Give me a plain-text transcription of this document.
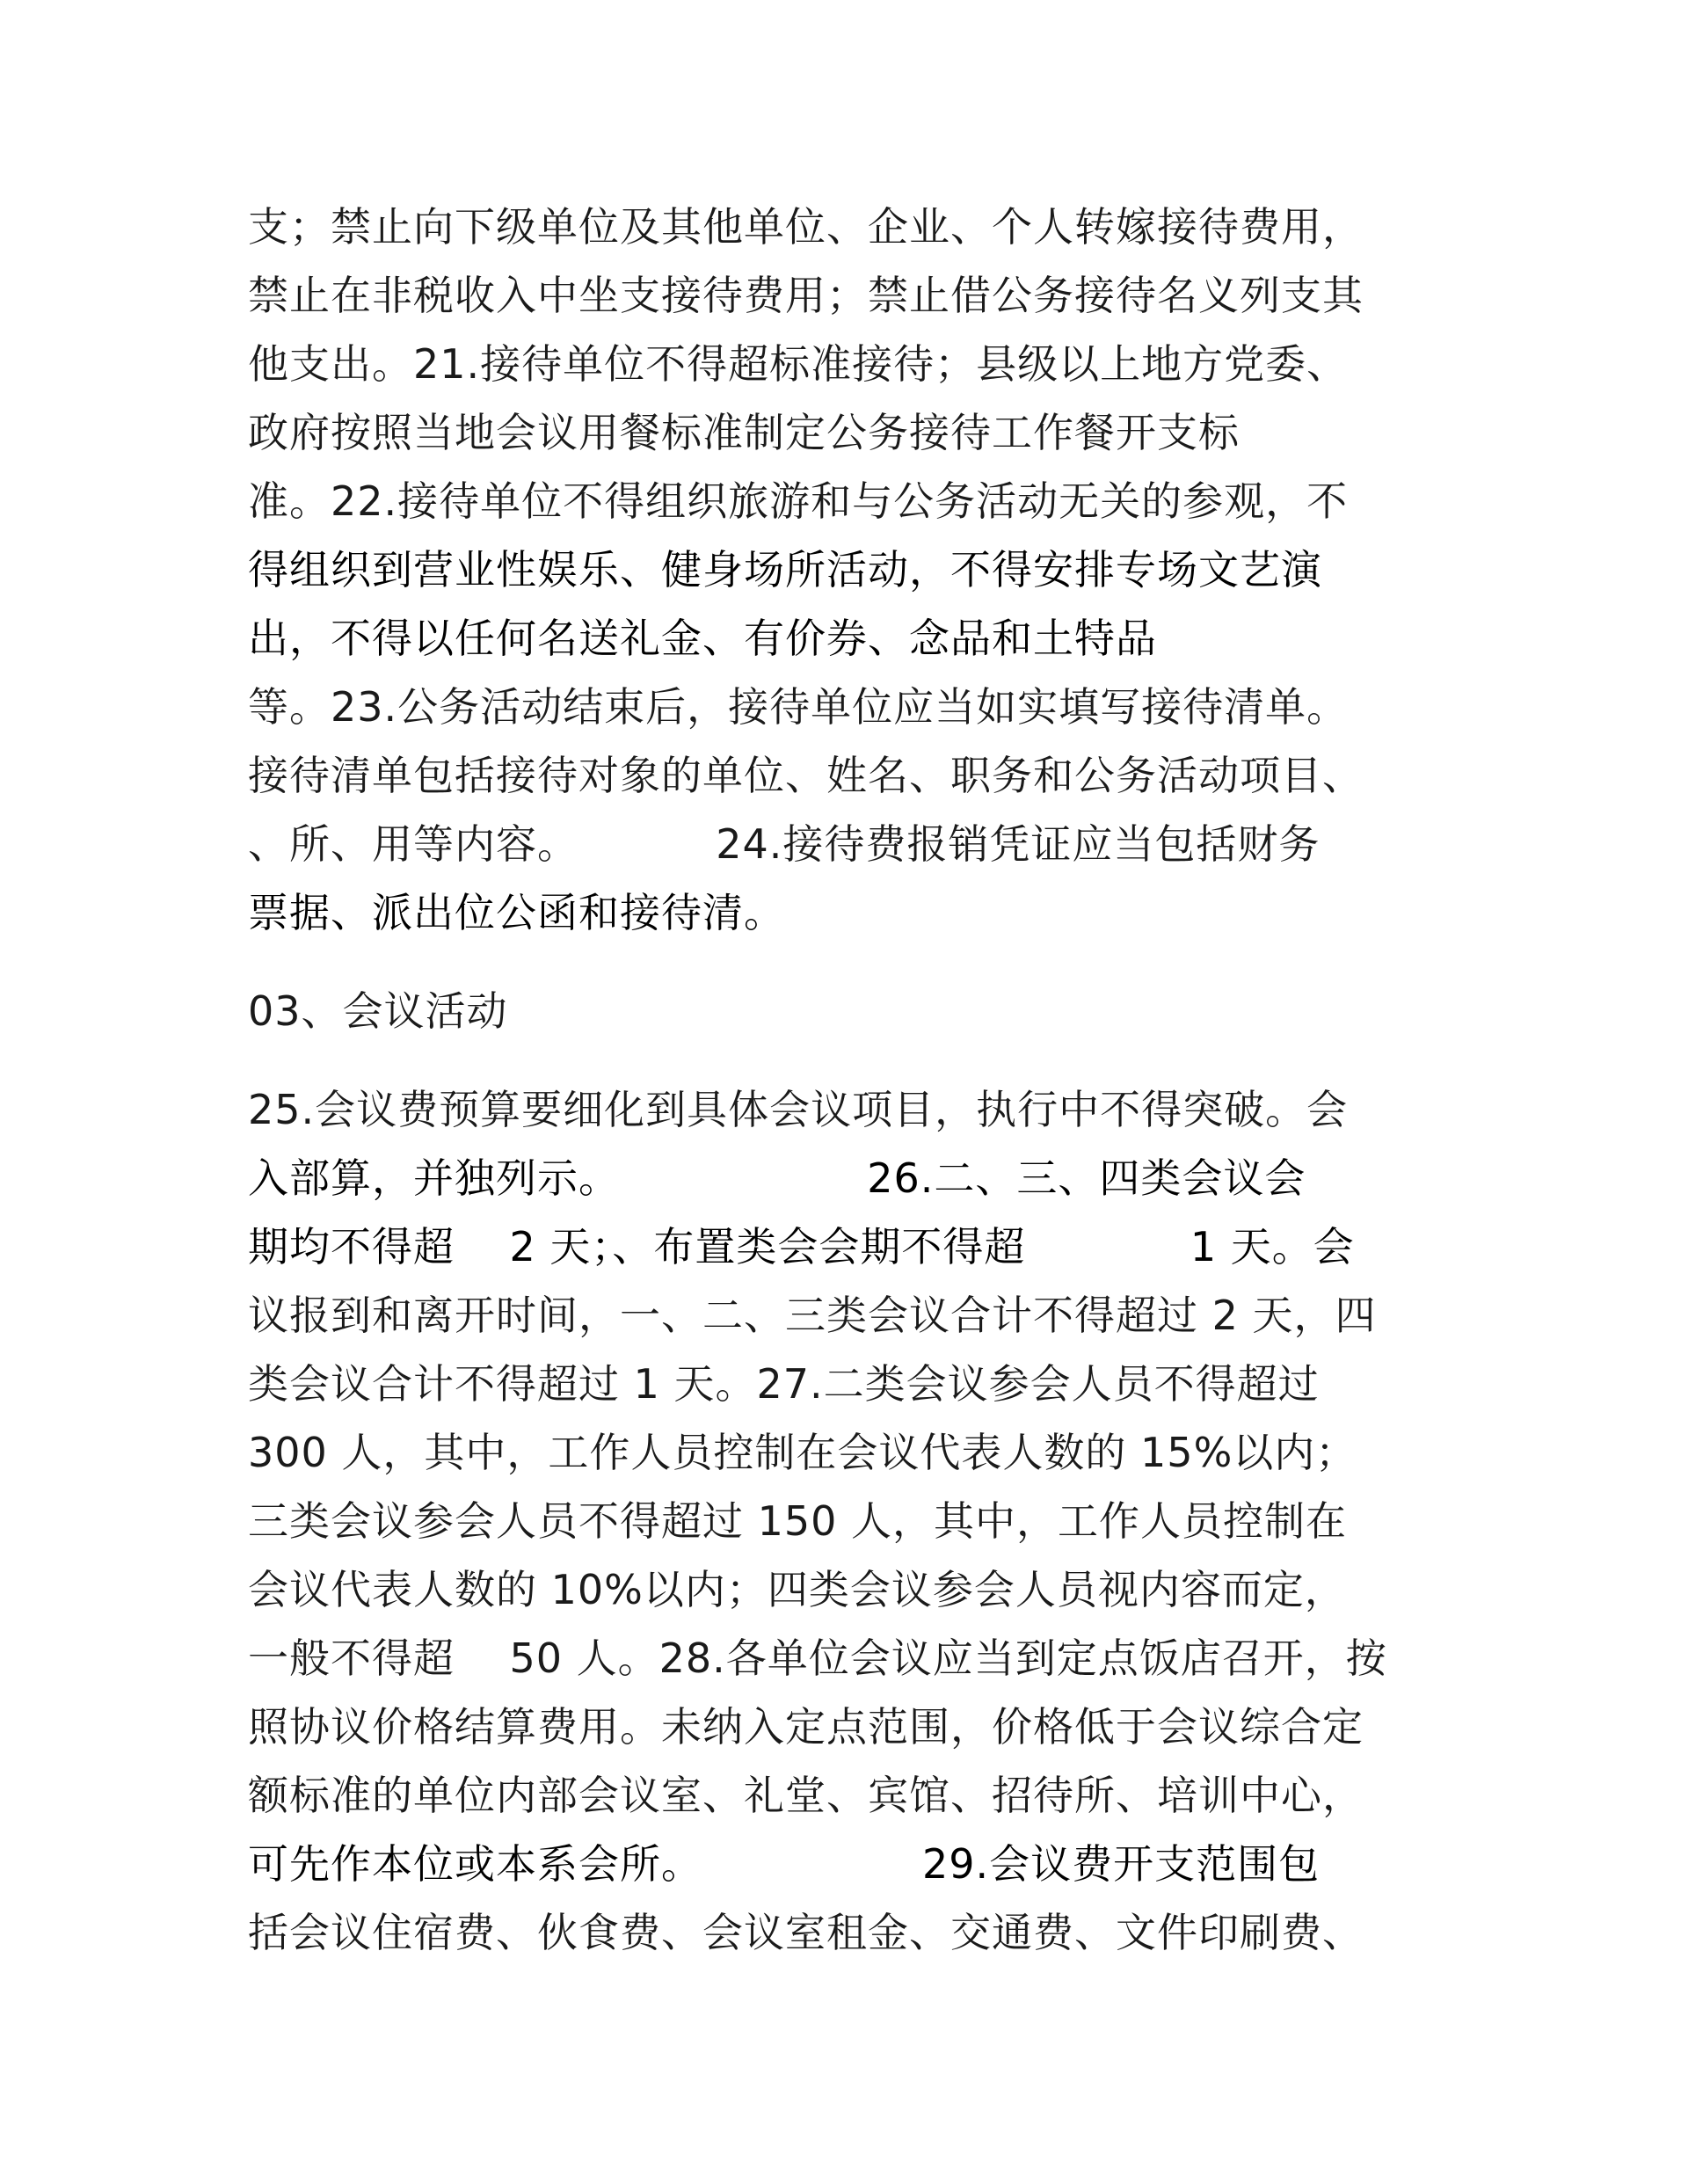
支；禁止向下级单位及其他单位、企业、个人转嫁接待费用，
禁止在非税收入中坐支接待费用；禁止借公务接待名义列支其
他支出。21.接待单位不得超标准接待；县级以上地方党委、
政府按照当地会议用餐标准制定公务接待工作餐开支标
准。22.接待单位不得组织旅游和与公务活动无关的参观，不
得组织到营业性娱乐、健身场所活动，不得安排专场文艺演
出，不得以任何名送礼金、有价券、念品和土特品
等。23.公务活动结束后，接待单位应当如实填写接待清单。
接待清单包括接待对象的单位、姓名、职务和公务活动项目、
、所、用等内容。          24.接待费报销凭证应当包括财务
票据、派出位公函和接待清。
03、会议活动
25.会议费预算要细化到具体会议项目，执行中不得突破。会
入部算，并独列示。                  26.二、三、四类会议会
期均不得超    2 天；、布置类会会期不得超            1 天。会
议报到和离开时间，一、二、三类会议合计不得超过 2 天，四
类会议合计不得超过 1 天。27.二类会议参会人员不得超过
300 人，其中，工作人员控制在会议代表人数的 15%以内；
三类会议参会人员不得超过 150 人，其中，工作人员控制在
会议代表人数的 10%以内；四类会议参会人员视内容而定，
一般不得超    50 人。28.各单位会议应当到定点饭店召开，按
照协议价格结算费用。未纳入定点范围，价格低于会议综合定
额标准的单位内部会议室、礼堂、宾馆、招待所、培训中心，
可先作本位或本系会所。                29.会议费开支范围包
括会议住宿费、伙食费、会议室租金、交通费、文件印刷费、
